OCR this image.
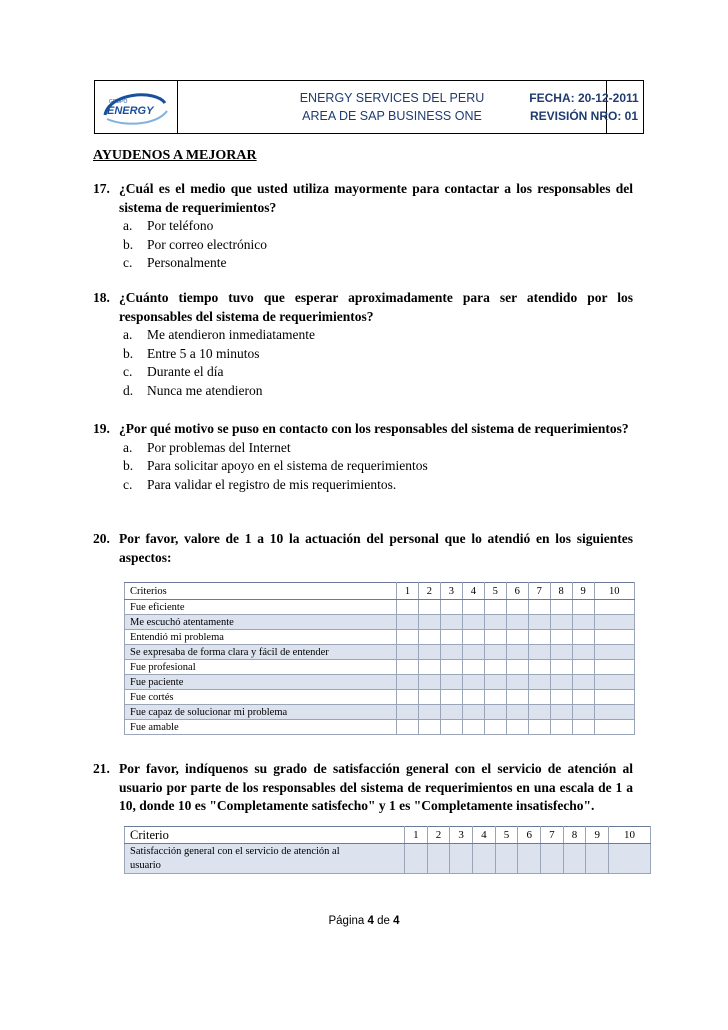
GRUPO
ENERGY
ENERGY SERVICES DEL PERU
AREA DE SAP BUSINESS ONE
FECHA: 20-12-2011
REVISIÓN NRO: 01
AYUDENOS A MEJORAR
17. ¿Cuál es el medio que usted utiliza mayormente para contactar a los responsables del sistema de requerimientos?
a. Por teléfono
b. Por correo electrónico
c. Personalmente
18. ¿Cuánto tiempo tuvo que esperar aproximadamente para ser atendido por los responsables del sistema de requerimientos?
a. Me atendieron inmediatamente
b. Entre 5 a 10 minutos
c. Durante el día
d. Nunca me atendieron
19. ¿Por qué motivo se puso en contacto con los responsables del sistema de requerimientos?
a. Por problemas del Internet
b. Para solicitar apoyo en el sistema de requerimientos
c. Para validar el registro de mis requerimientos.
20. Por favor, valore de 1 a 10 la actuación del personal que lo atendió en los siguientes aspectos:
Criterios	1	2	3	4	5	6	7	8	9	10
Fue eficiente										
Me escuchó atentamente										
Entendió mi problema										
Se expresaba de forma clara y fácil de entender										
Fue profesional										
Fue paciente										
Fue cortés										
Fue capaz de solucionar mi problema										
Fue amable										
21. Por favor, indíquenos su grado de satisfacción general con el servicio de atención al usuario por parte de los responsables del sistema de requerimientos en una escala de 1 a 10, donde 10 es "Completamente satisfecho" y 1 es "Completamente insatisfecho".
Criterio	1	2	3	4	5	6	7	8	9	10

Satisfacción general con el servicio de atención al
usuario										

Página 4 de 4
